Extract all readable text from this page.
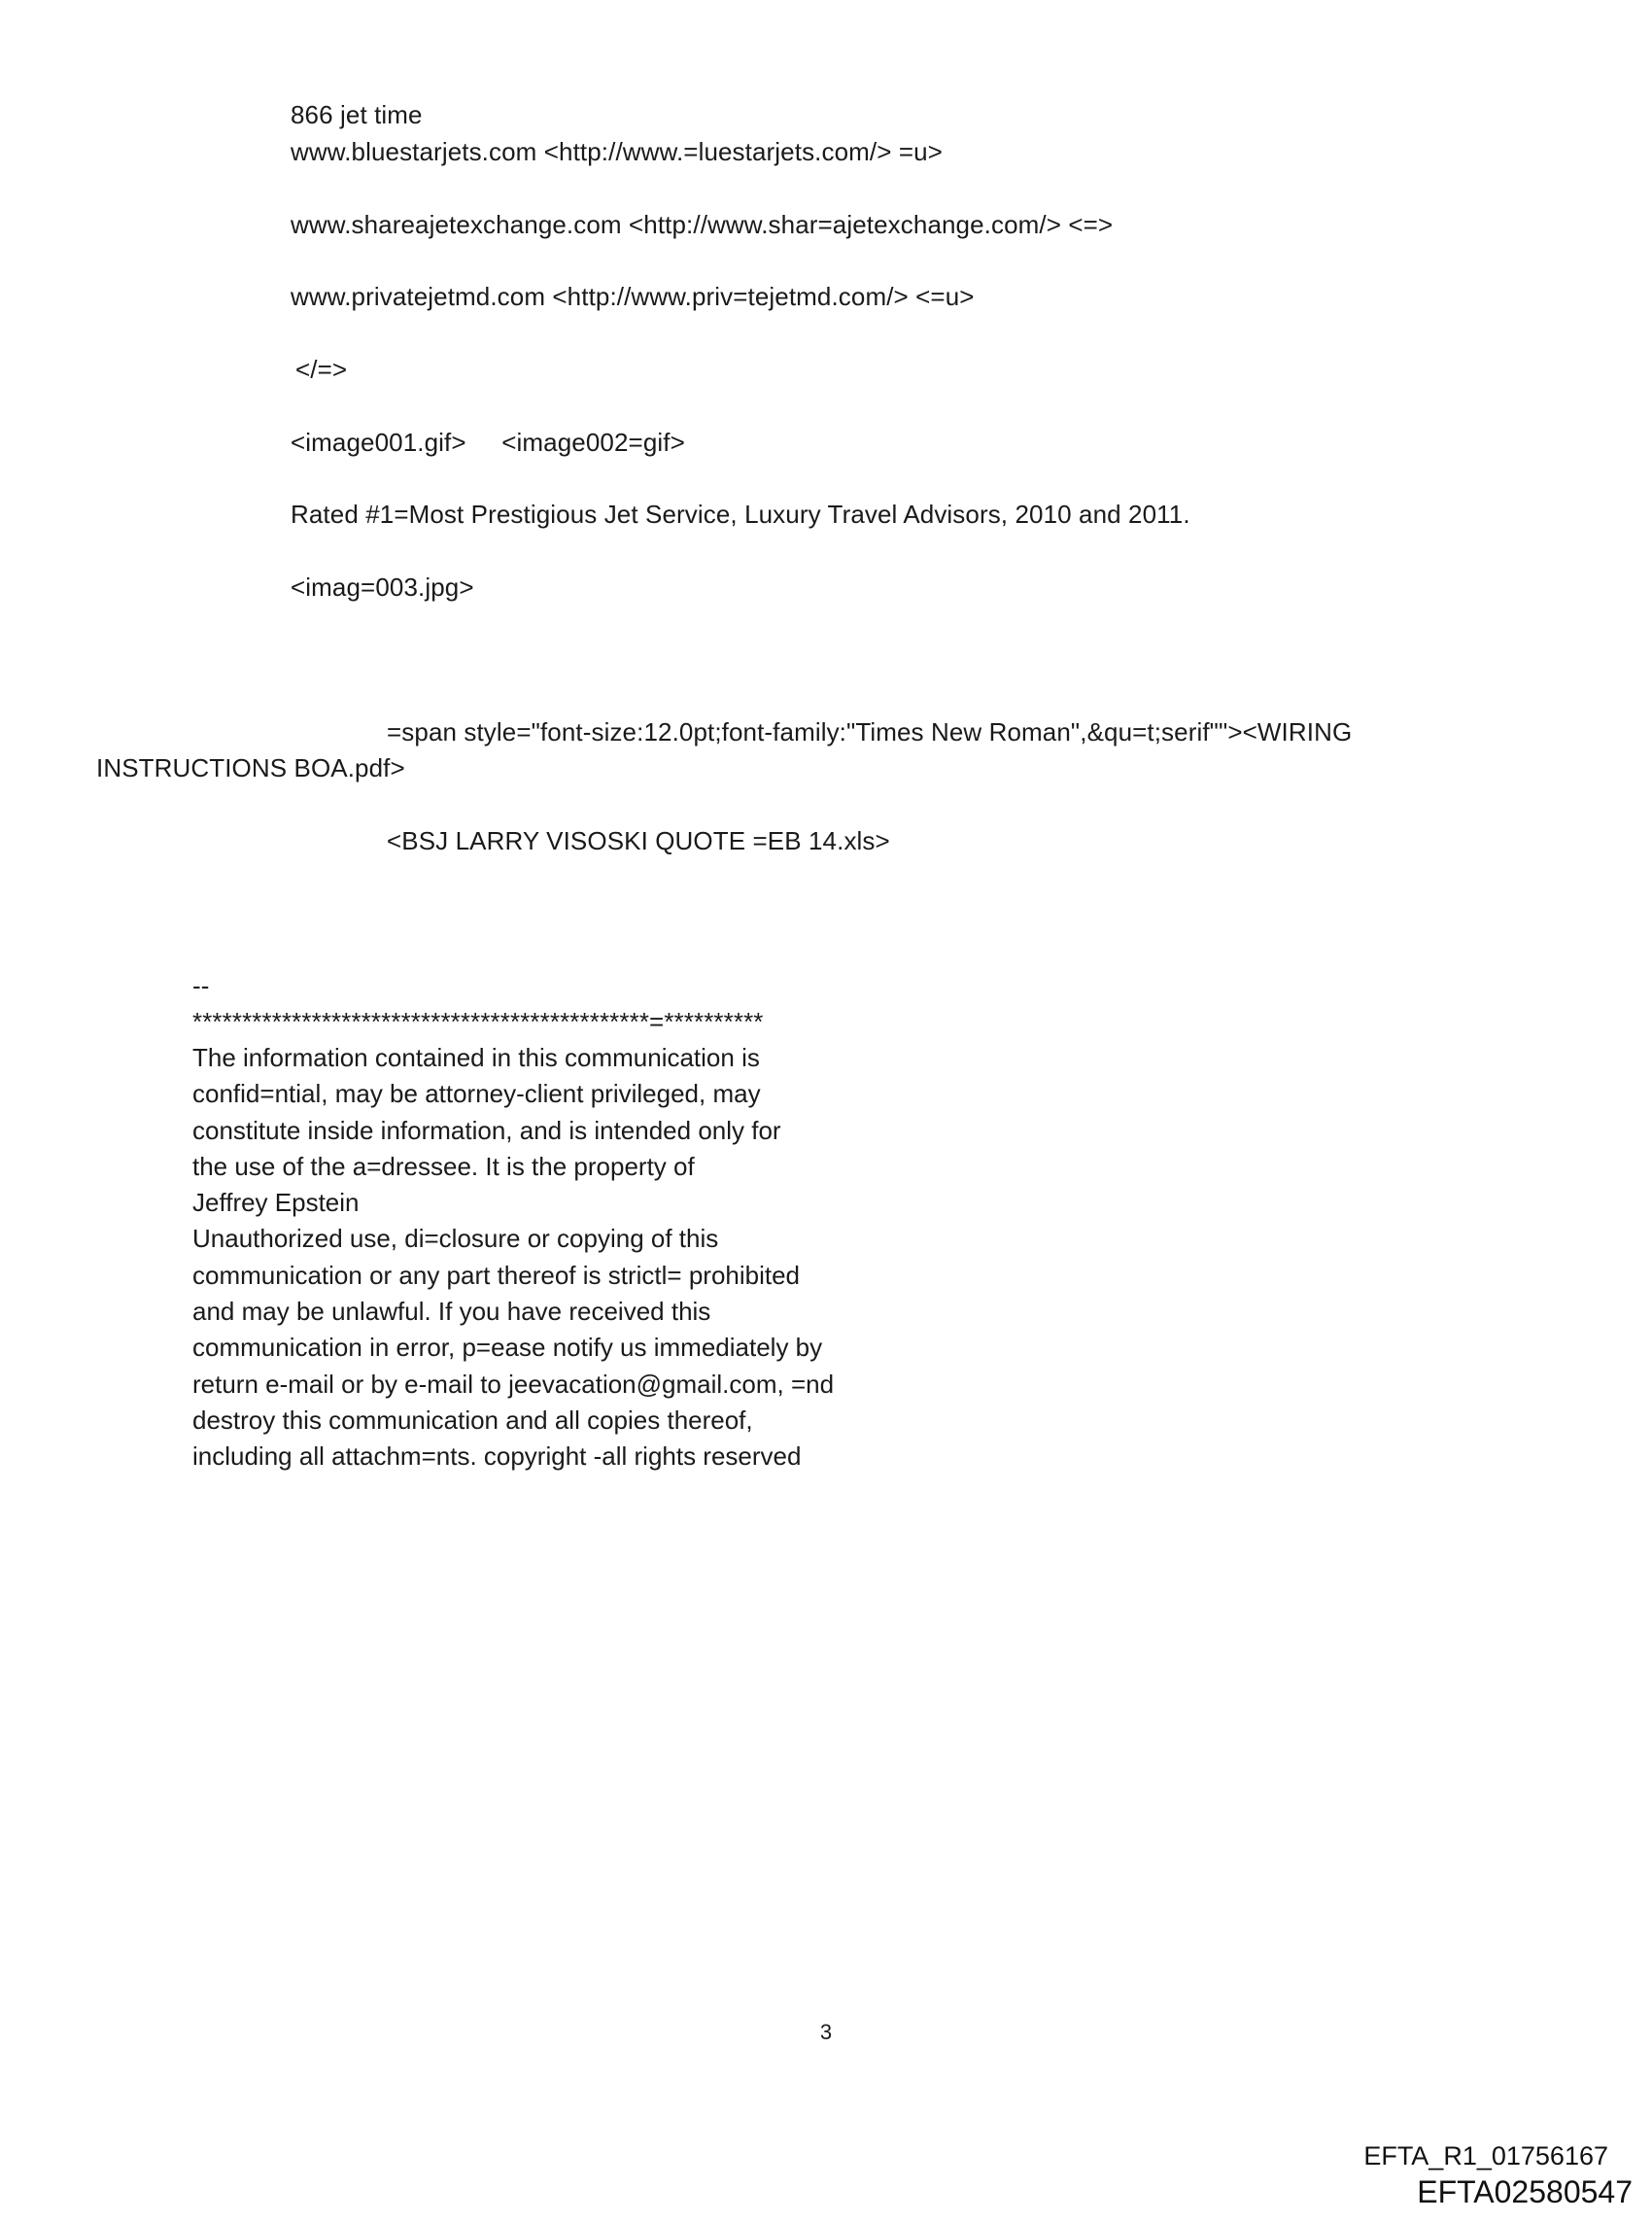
866 jet time
www.bluestarjets.com <http://www.=luestarjets.com/> =u>
www.shareajetexchange.com <http://www.shar=ajetexchange.com/> <=>
www.privatejetmd.com <http://www.priv=tejetmd.com/> <=u>
</=>
<image001.gif>     <image002=gif>
Rated #1=Most Prestigious Jet Service, Luxury Travel Advisors, 2010 and 2011.
<imag=003.jpg>
=span style="font-size:12.0pt;font-family:"Times New Roman",&qu=t;serif""><WIRING
INSTRUCTIONS BOA.pdf>
<BSJ LARRY VISOSKI QUOTE =EB 14.xls>
--
**********************************************=**********
The information contained in this communication is
confid=ntial, may be attorney-client privileged, may
constitute inside information, and is intended only for
the use of the a=dressee. It is the property of
Jeffrey Epstein
Unauthorized use, di=closure or copying of this
communication or any part thereof is strictl= prohibited
and may be unlawful. If you have received this
communication in error, p=ease notify us immediately by
return e-mail or by e-mail to jeevacation@gmail.com, =nd
destroy this communication and all copies thereof,
including all attachm=nts. copyright -all rights reserved
3
EFTA_R1_01756167
EFTA02580547
